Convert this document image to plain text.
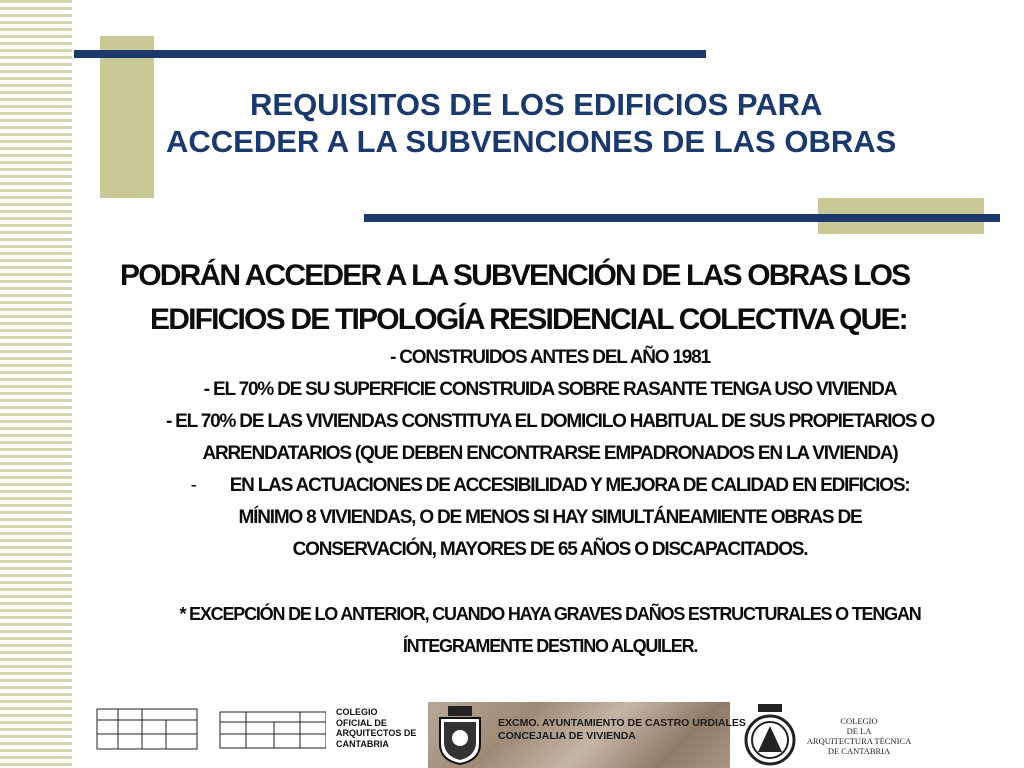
REQUISITOS DE LOS EDIFICIOS PARA
ACCEDER A LA SUBVENCIONES DE LAS OBRAS

PODRÁN ACCEDER A LA SUBVENCIÓN DE LAS OBRAS LOS
EDIFICIOS DE TIPOLOGÍA RESIDENCIAL COLECTIVA QUE:

- CONSTRUIDOS ANTES DEL AÑO 1981

- EL 70% DE SU SUPERFICIE CONSTRUIDA SOBRE RASANTE TENGA USO VIVIENDA

- EL 70% DE LAS VIVIENDAS CONSTITUYA EL DOMICILO HABITUAL DE SUS PROPIETARIOS O

ARRENDATARIOS (QUE DEBEN ENCONTRARSE EMPADRONADOS EN LA VIVIENDA)

- EN LAS ACTUACIONES DE ACCESIBILIDAD Y MEJORA DE CALIDAD EN EDIFICIOS:

MÍNIMO 8 VIVIENDAS, O DE MENOS SI HAY SIMULTÁNEAMIENTE OBRAS DE

CONSERVACIÓN, MAYORES DE 65 AÑOS O DISCAPACITADOS.

* EXCEPCIÓN DE LO ANTERIOR, CUANDO HAYA GRAVES DAÑOS ESTRUCTURALES O TENGAN

ÍNTEGRAMENTE DESTINO ALQUILER.

COLEGIO
OFICIAL DE
ARQUITECTOS DE
CANTABRIA
EXCMO. AYUNTAMIENTO DE CASTRO URDIALES
CONCEJALIA DE VIVIENDA
COLEGIO
DE LA
ARQUITECTURA TÉCNICA
DE CANTABRIA
